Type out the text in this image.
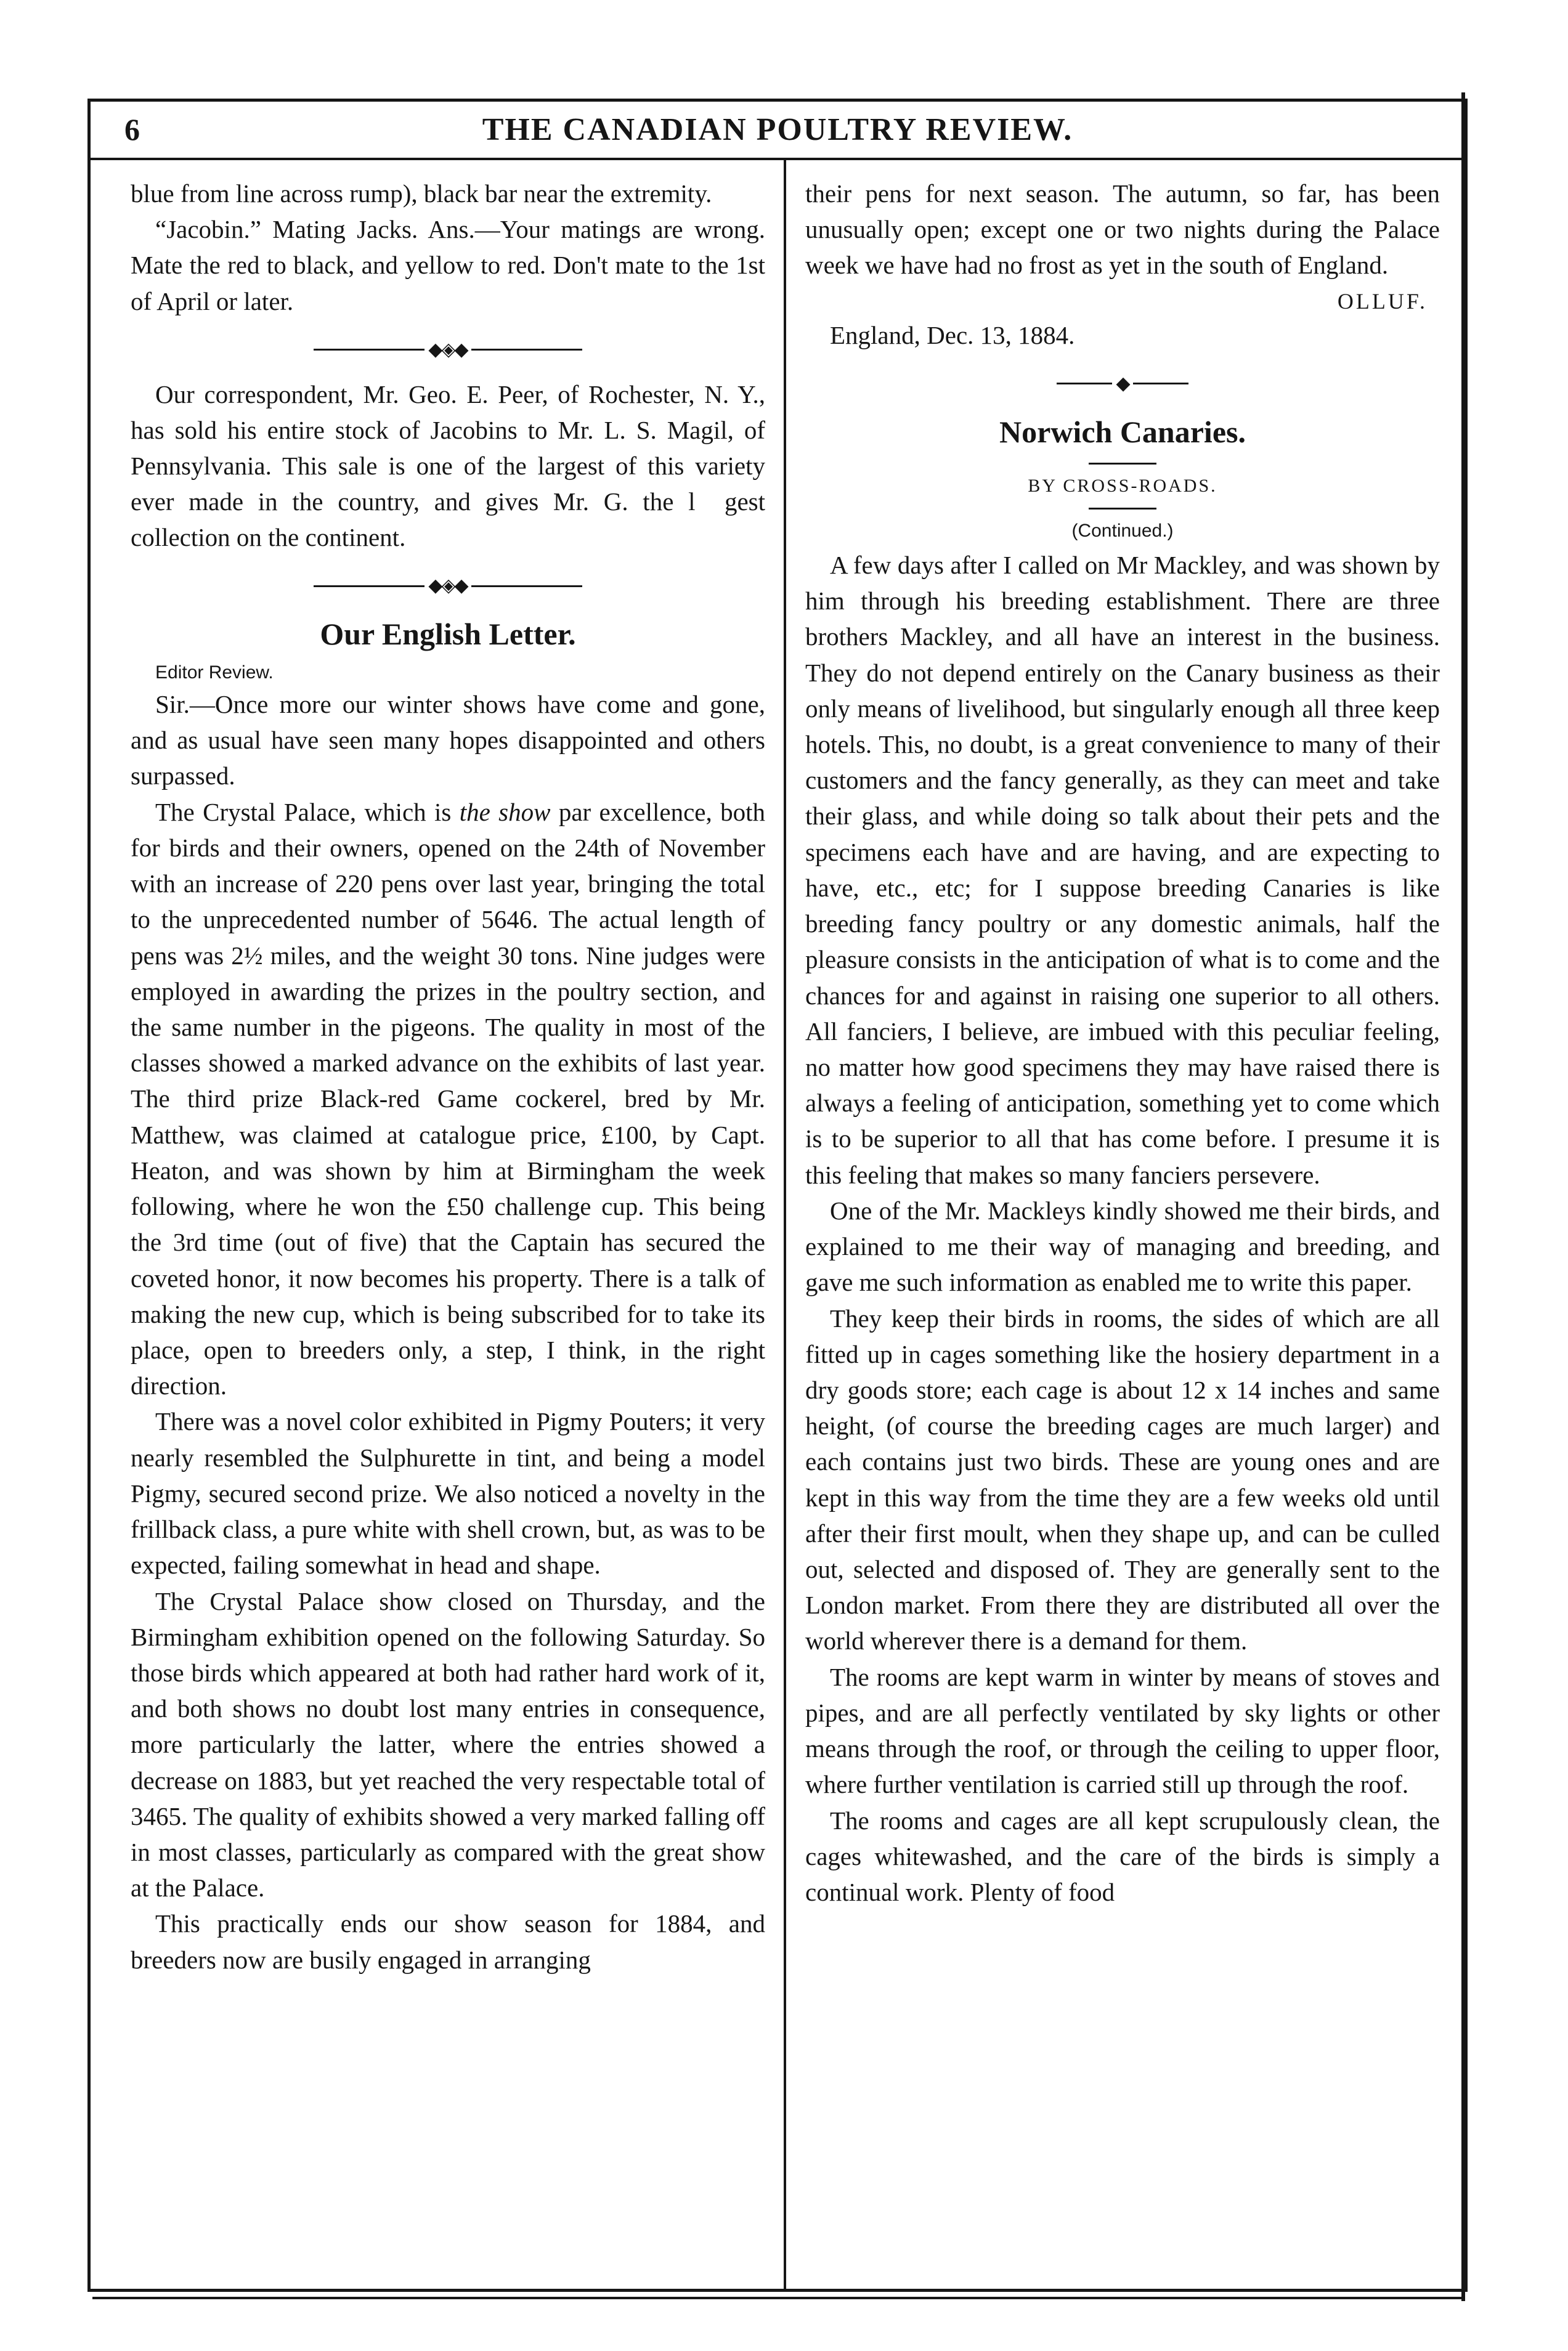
6	THE CANADIAN POULTRY REVIEW.

blue from line across rump), black bar near the extremity.

“Jacobin.” Mating Jacks. Ans.—Your matings are wrong. Mate the red to black, and yellow to red. Don't mate to the 1st of April or later.

◆◈◆

Our correspondent, Mr. Geo. E. Peer, of Rochester, N. Y., has sold his entire stock of Jacobins to Mr. L. S. Magil, of Pennsylvania. This sale is one of the largest of this variety ever made in the country, and gives Mr. G. the l  gest collection on the continent.

◆◈◆
Our English Letter.

Editor Review.

Sir.—Once more our winter shows have come and gone, and as usual have seen many hopes disappointed and others surpassed.

The Crystal Palace, which is the show par excellence, both for birds and their owners, opened on the 24th of November with an increase of 220 pens over last year, bringing the total to the unprecedented number of 5646. The actual length of pens was 2½ miles, and the weight 30 tons. Nine judges were employed in awarding the prizes in the poultry section, and the same number in the pigeons. The quality in most of the classes showed a marked advance on the exhibits of last year. The third prize Black-red Game cockerel, bred by Mr. Matthew, was claimed at catalogue price, £100, by Capt. Heaton, and was shown by him at Birmingham the week following, where he won the £50 challenge cup. This being the 3rd time (out of five) that the Captain has secured the coveted honor, it now becomes his property. There is a talk of making the new cup, which is being subscribed for to take its place, open to breeders only, a step, I think, in the right direction.

There was a novel color exhibited in Pigmy Pouters; it very nearly resembled the Sulphurette in tint, and being a model Pigmy, secured second prize. We also noticed a novelty in the frillback class, a pure white with shell crown, but, as was to be expected, failing somewhat in head and shape.

The Crystal Palace show closed on Thursday, and the Birmingham exhibition opened on the following Saturday. So those birds which appeared at both had rather hard work of it, and both shows no doubt lost many entries in consequence, more particularly the latter, where the entries showed a decrease on 1883, but yet reached the very respectable total of 3465. The quality of exhibits showed a very marked falling off in most classes, particularly as compared with the great show at the Palace.

This practically ends our show season for 1884, and breeders now are busily engaged in arranging

their pens for next season. The autumn, so far, has been unusually open; except one or two nights during the Palace week we have had no frost as yet in the south of England.

OLLUF.

England, Dec. 13, 1884.

◆
Norwich Canaries.
BY CROSS-ROADS.
(Continued.)

A few days after I called on Mr Mackley, and was shown by him through his breeding establishment. There are three brothers Mackley, and all have an interest in the business. They do not depend entirely on the Canary business as their only means of livelihood, but singularly enough all three keep hotels. This, no doubt, is a great convenience to many of their customers and the fancy generally, as they can meet and take their glass, and while doing so talk about their pets and the specimens each have and are having, and are expecting to have, etc., etc; for I suppose breeding Canaries is like breeding fancy poultry or any domestic animals, half the pleasure consists in the anticipation of what is to come and the chances for and against in raising one superior to all others. All fanciers, I believe, are imbued with this peculiar feeling, no matter how good specimens they may have raised there is always a feeling of anticipation, something yet to come which is to be superior to all that has come before. I presume it is this feeling that makes so many fanciers persevere.

One of the Mr. Mackleys kindly showed me their birds, and explained to me their way of managing and breeding, and gave me such information as enabled me to write this paper.

They keep their birds in rooms, the sides of which are all fitted up in cages something like the hosiery department in a dry goods store; each cage is about 12 x 14 inches and same height, (of course the breeding cages are much larger) and each contains just two birds. These are young ones and are kept in this way from the time they are a few weeks old until after their first moult, when they shape up, and can be culled out, selected and disposed of. They are generally sent to the London market. From there they are distributed all over the world wherever there is a demand for them.

The rooms are kept warm in winter by means of stoves and pipes, and are all perfectly ventilated by sky lights or other means through the roof, or through the ceiling to upper floor, where further ventilation is carried still up through the roof.

The rooms and cages are all kept scrupulously clean, the cages whitewashed, and the care of the birds is simply a continual work. Plenty of food
